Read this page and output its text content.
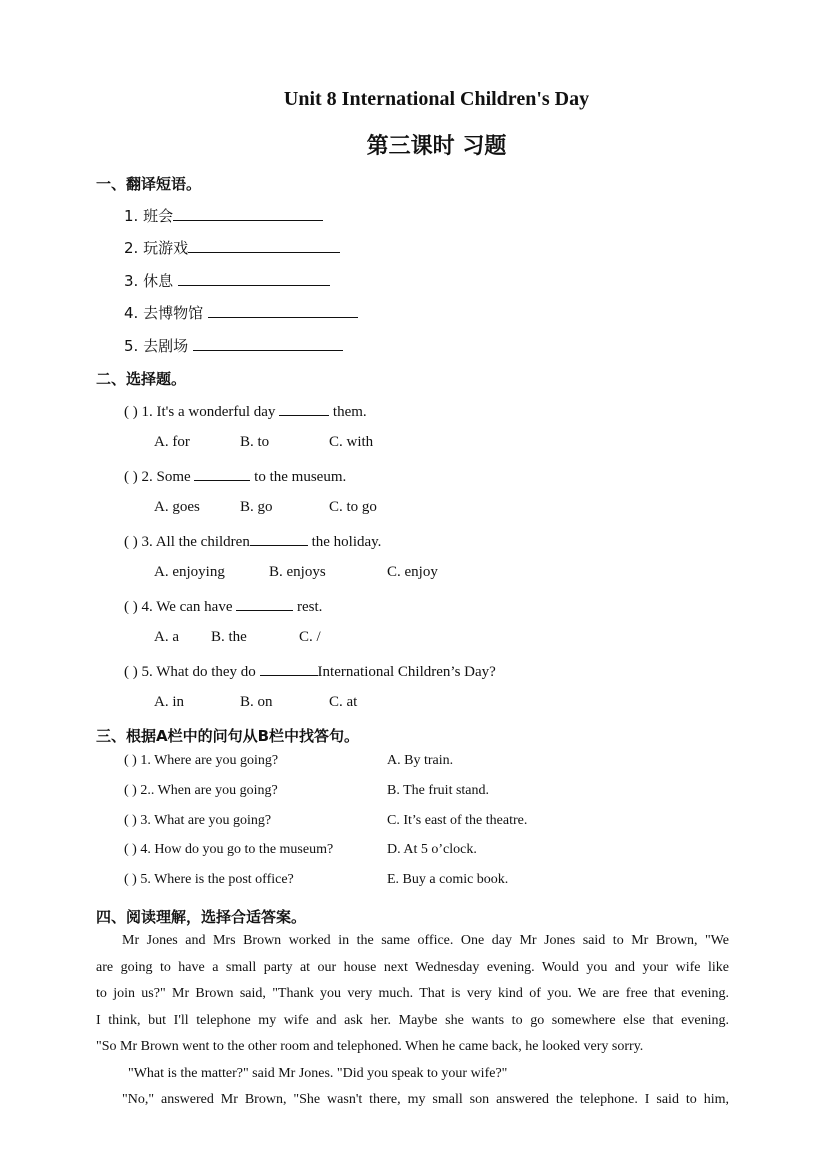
Unit 8 International Children's Day
第三课时 习题
一、翻译短语。
1. 班会
2. 玩游戏
3. 休息
4. 去博物馆
5. 去剧场
二、选择题。
( ) 1. It's a wonderful day	them.
A. for	B. to	C. with
( ) 2. Some	to the museum.
A. goes	B. go	C. to go
( ) 3. All the children	the holiday.
A. enjoying	B. enjoys	C. enjoy
( ) 4. We can have	rest.
A. a B. the	C. /
( ) 5. What do they do	International Children’s Day?
A. in	B. on	C. at
三、根据A栏中的问句从B栏中找答句。
( ) 1. Where are you going?	A. By train.
( ) 2.. When are you going?	B. The fruit stand.
( ) 3. What are you going?	C. It’s east of the theatre.
( ) 4. How do you go to the museum?	D. At 5 o’clock.
( ) 5. Where is the post office?	E. Buy a comic book.
四、阅读理解，选择合适答案。
Mr Jones and Mrs Brown worked in the same office. One day Mr Jones said to Mr Brown, "We
are going to have a small party at our house next Wednesday evening. Would you and your wife like
to join us?" Mr Brown said, "Thank you very much. That is very kind of you. We are free that evening.
I think, but I'll telephone my wife and ask her. Maybe she wants to go somewhere else that evening.
"So Mr Brown went to the other room and telephoned. When he came back, he looked very sorry.
"What is the matter?" said Mr Jones. "Did you speak to your wife?"
"No," answered Mr Brown, "She wasn't there, my small son answered the telephone. I said to him,
